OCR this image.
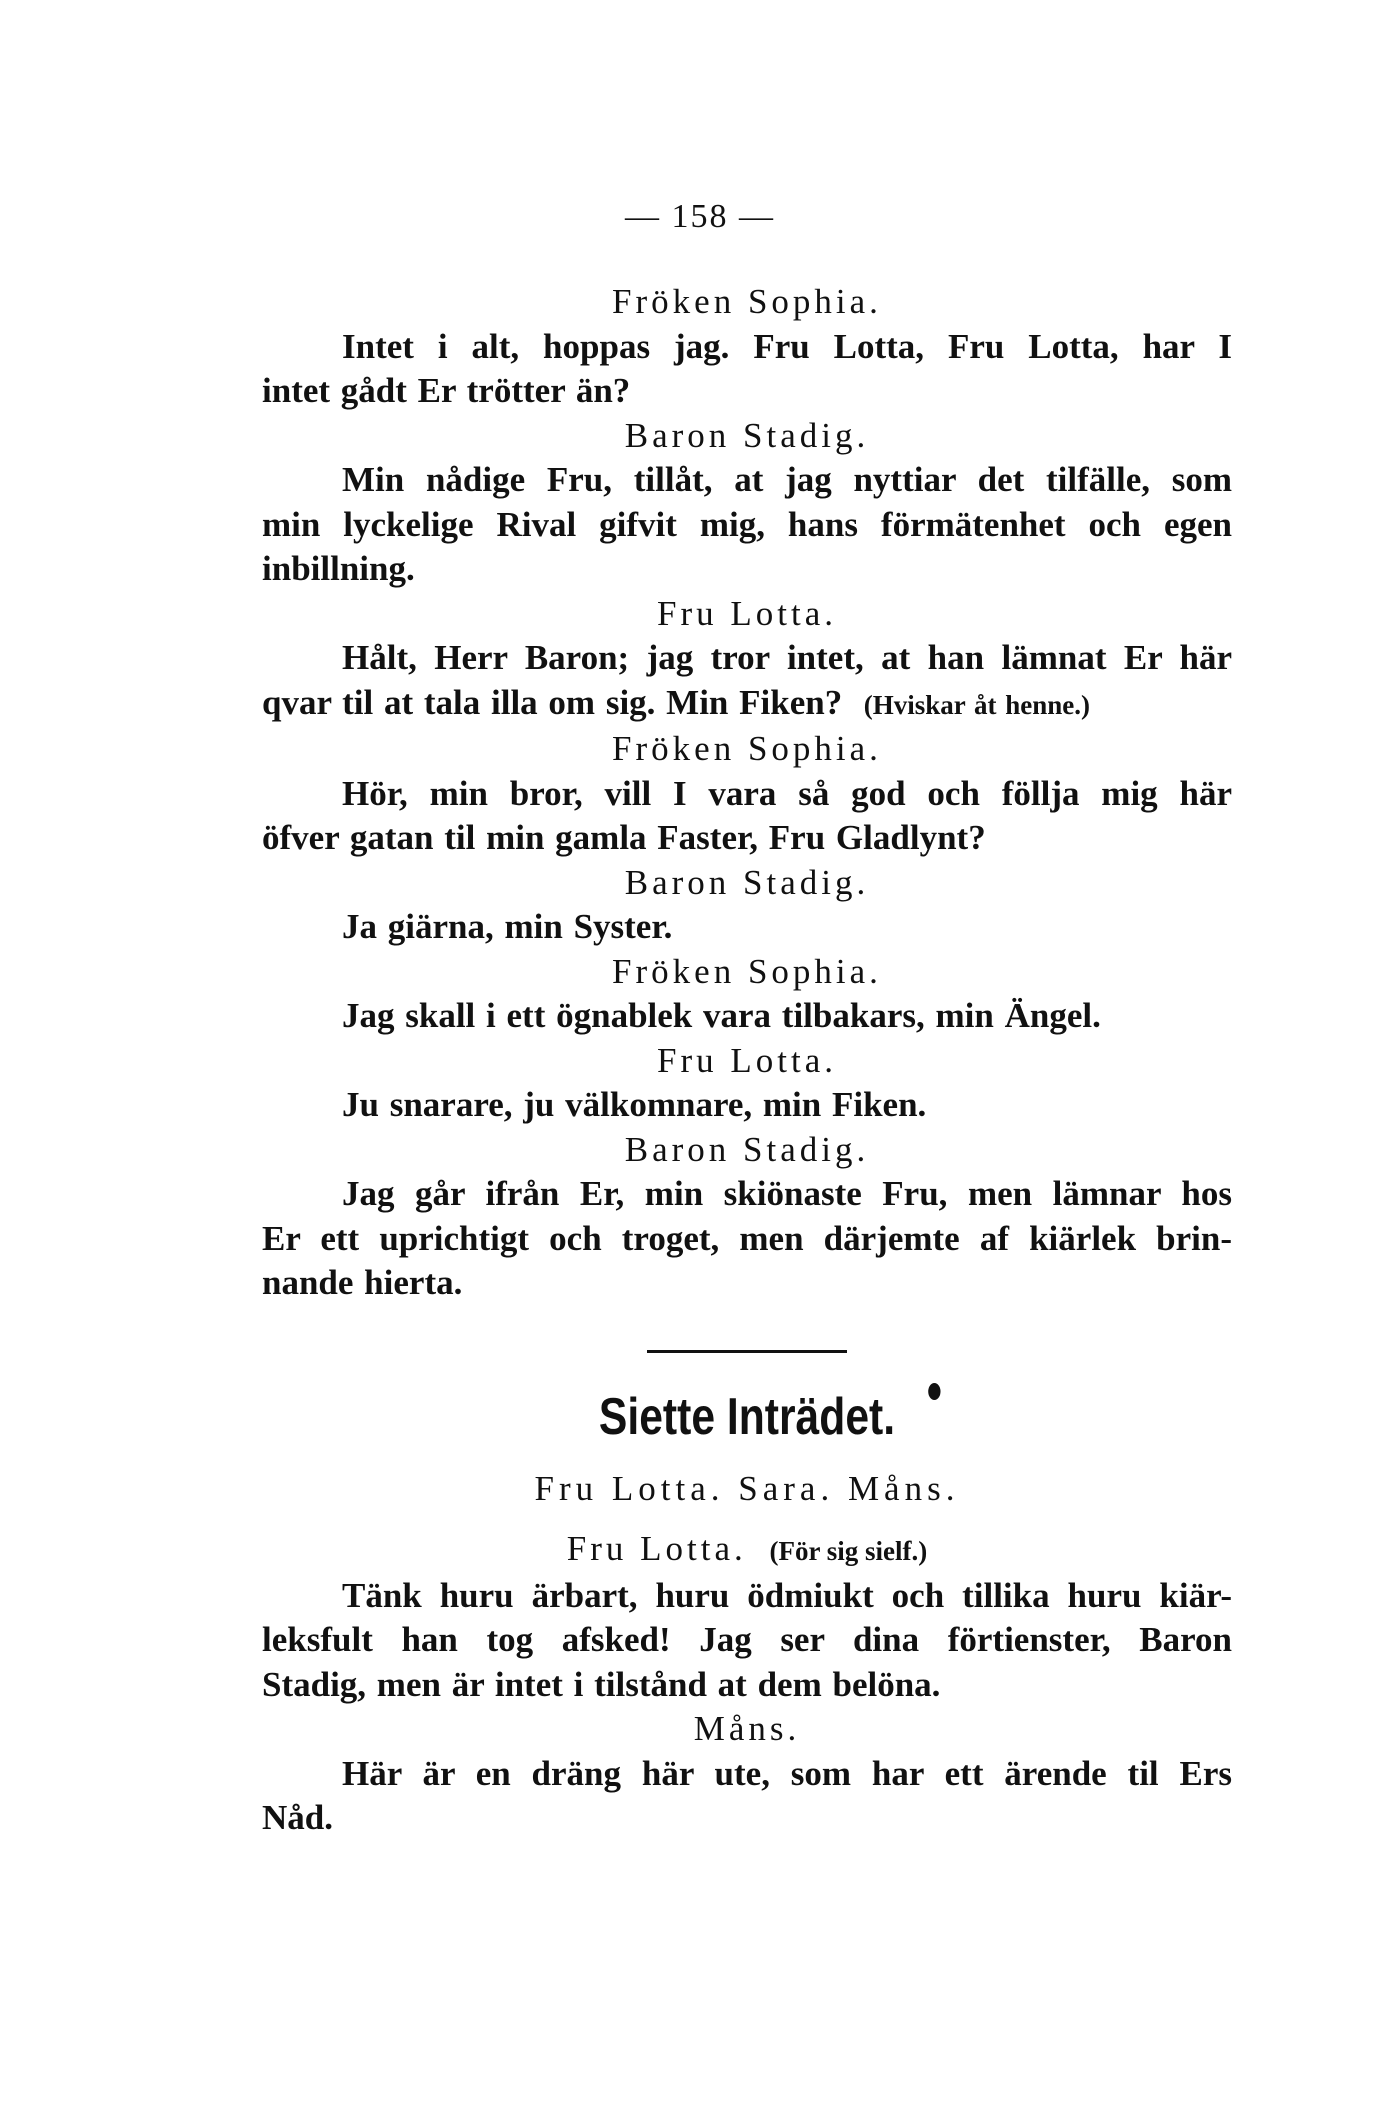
— 158 —
Fröken Sophia.
Intet i alt, hoppas jag. Fru Lotta, Fru Lotta, har I
intet gådt Er trötter än?
Baron Stadig.
Min nådige Fru, tillåt, at jag nyttiar det tilfälle, som
min lyckelige Rival gifvit mig, hans förmätenhet och egen
inbillning.
Fru Lotta.
Hålt, Herr Baron; jag tror intet, at han lämnat Er här
qvar til at tala illa om sig. Min Fiken? (Hviskar åt henne.)
Fröken Sophia.
Hör, min bror, vill I vara så god och föllja mig här
öfver gatan til min gamla Faster, Fru Gladlynt?
Baron Stadig.
Ja giärna, min Syster.
Fröken Sophia.
Jag skall i ett ögnablek vara tilbakars, min Ängel.
Fru Lotta.
Ju snarare, ju välkomnare, min Fiken.
Baron Stadig.
Jag går ifrån Er, min skiönaste Fru, men lämnar hos
Er ett uprichtigt och troget, men därjemte af kiärlek brin-
nande hierta.
Siette Inträdet.
Fru Lotta. Sara. Måns.
Fru Lotta. (För sig sielf.)
Tänk huru ärbart, huru ödmiukt och tillika huru kiär-
leksfult han tog afsked! Jag ser dina förtienster, Baron
Stadig, men är intet i tilstånd at dem belöna.
Måns.
Här är en dräng här ute, som har ett ärende til Ers
Nåd.
